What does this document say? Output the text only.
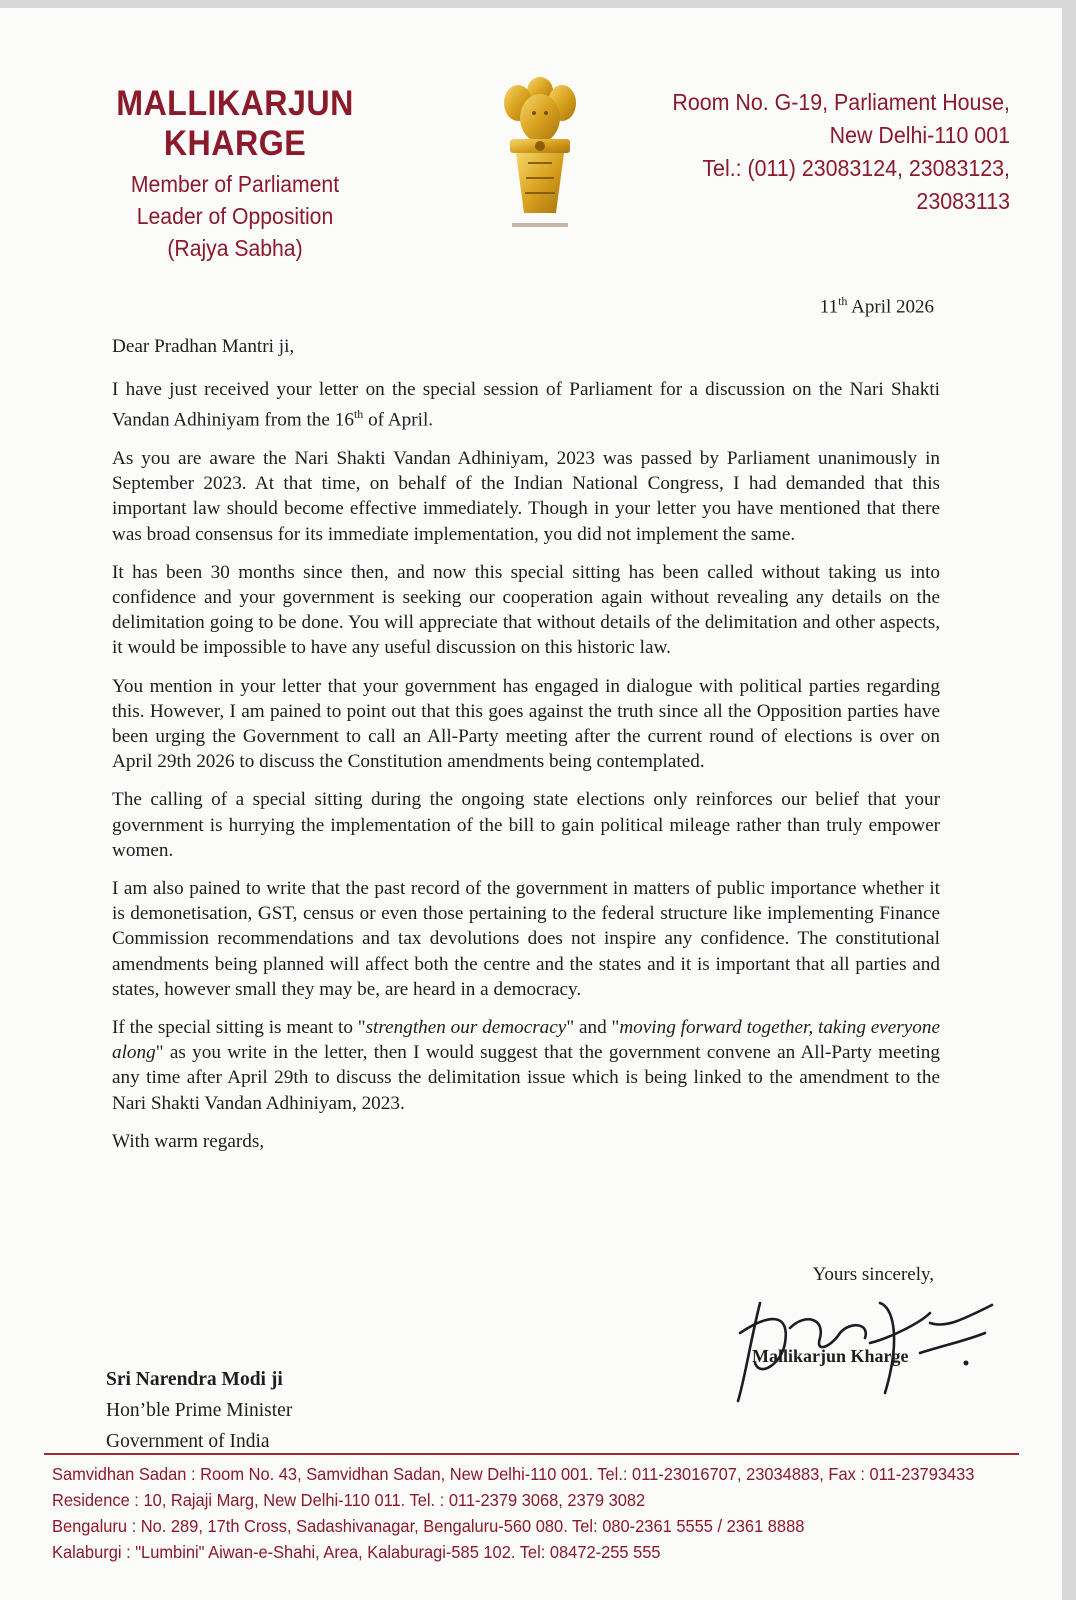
MALLIKARJUN KHARGE
Member of Parliament
Leader of Opposition
(Rajya Sabha)
Room No. G-19, Parliament House,
New Delhi-110 001
Tel.: (011) 23083124, 23083123,
23083113
11th April 2026

Dear Pradhan Mantri ji,

I have just received your letter on the special session of Parliament for a discussion on the Nari Shakti Vandan Adhiniyam from the 16th of April.

As you are aware the Nari Shakti Vandan Adhiniyam, 2023 was passed by Parliament unanimously in September 2023. At that time, on behalf of the Indian National Congress, I had demanded that this important law should become effective immediately. Though in your letter you have mentioned that there was broad consensus for its immediate implementation, you did not implement the same.

It has been 30 months since then, and now this special sitting has been called without taking us into confidence and your government is seeking our cooperation again without revealing any details on the delimitation going to be done. You will appreciate that without details of the delimitation and other aspects, it would be impossible to have any useful discussion on this historic law.

You mention in your letter that your government has engaged in dialogue with political parties regarding this. However, I am pained to point out that this goes against the truth since all the Opposition parties have been urging the Government to call an All-Party meeting after the current round of elections is over on April 29th 2026 to discuss the Constitution amendments being contemplated.

The calling of a special sitting during the ongoing state elections only reinforces our belief that your government is hurrying the implementation of the bill to gain political mileage rather than truly empower women.

I am also pained to write that the past record of the government in matters of public importance whether it is demonetisation, GST, census or even those pertaining to the federal structure like implementing Finance Commission recommendations and tax devolutions does not inspire any confidence. The constitutional amendments being planned will affect both the centre and the states and it is important that all parties and states, however small they may be, are heard in a democracy.

If the special sitting is meant to "strengthen our democracy" and "moving forward together, taking everyone along" as you write in the letter, then I would suggest that the government convene an All-Party meeting any time after April 29th to discuss the delimitation issue which is being linked to the amendment to the Nari Shakti Vandan Adhiniyam, 2023.

With warm regards,

Yours sincerely,
Mallikarjun Kharge
Sri Narendra Modi ji
Hon’ble Prime Minister
Government of India
Samvidhan Sadan : Room No. 43, Samvidhan Sadan, New Delhi-110 001. Tel.: 011-23016707, 23034883, Fax : 011-23793433
Residence : 10, Rajaji Marg, New Delhi-110 011. Tel. : 011-2379 3068, 2379 3082
Bengaluru : No. 289, 17th Cross, Sadashivanagar, Bengaluru-560 080. Tel: 080-2361 5555 / 2361 8888
Kalaburgi : "Lumbini" Aiwan-e-Shahi, Area, Kalaburagi-585 102. Tel: 08472-255 555
